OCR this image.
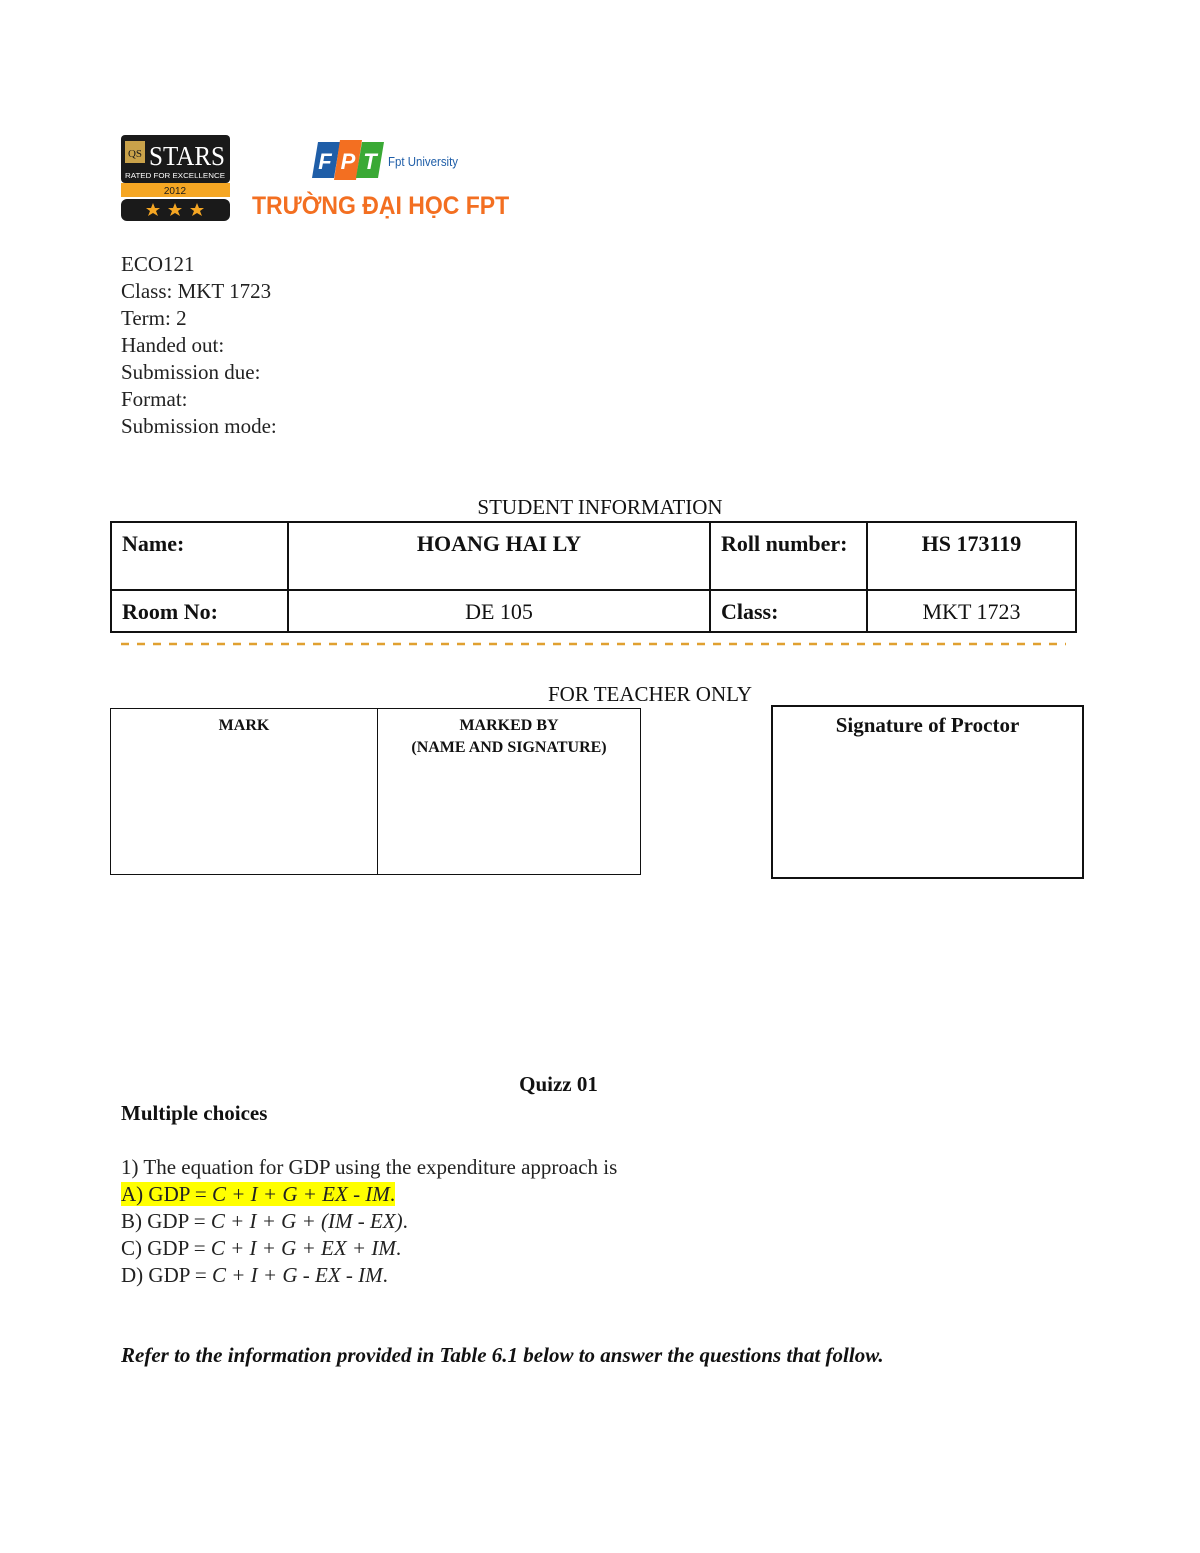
QS STARS
RATED FOR EXCELLENCE
2012
F P T Fpt University
TRƯỜNG ĐẠI HỌC FPT
ECO121
Class: MKT 1723
Term: 2
Handed out:
Submission due:
Format:
Submission mode:
STUDENT INFORMATION
Name:	HOANG HAI LY	Roll number:	HS 173119
Room No:	DE 105	Class:	MKT 1723
FOR TEACHER ONLY
MARK	MARKED BY
(NAME AND SIGNATURE)
Signature of Proctor
Quizz 01
Multiple choices
1) The equation for GDP using the expenditure approach is
A) GDP = C + I + G + EX - IM.
B) GDP = C + I + G + (IM - EX).
C) GDP = C + I + G + EX + IM.
D) GDP = C + I + G - EX - IM.
Refer to the information provided in Table 6.1 below to answer the questions that follow.
